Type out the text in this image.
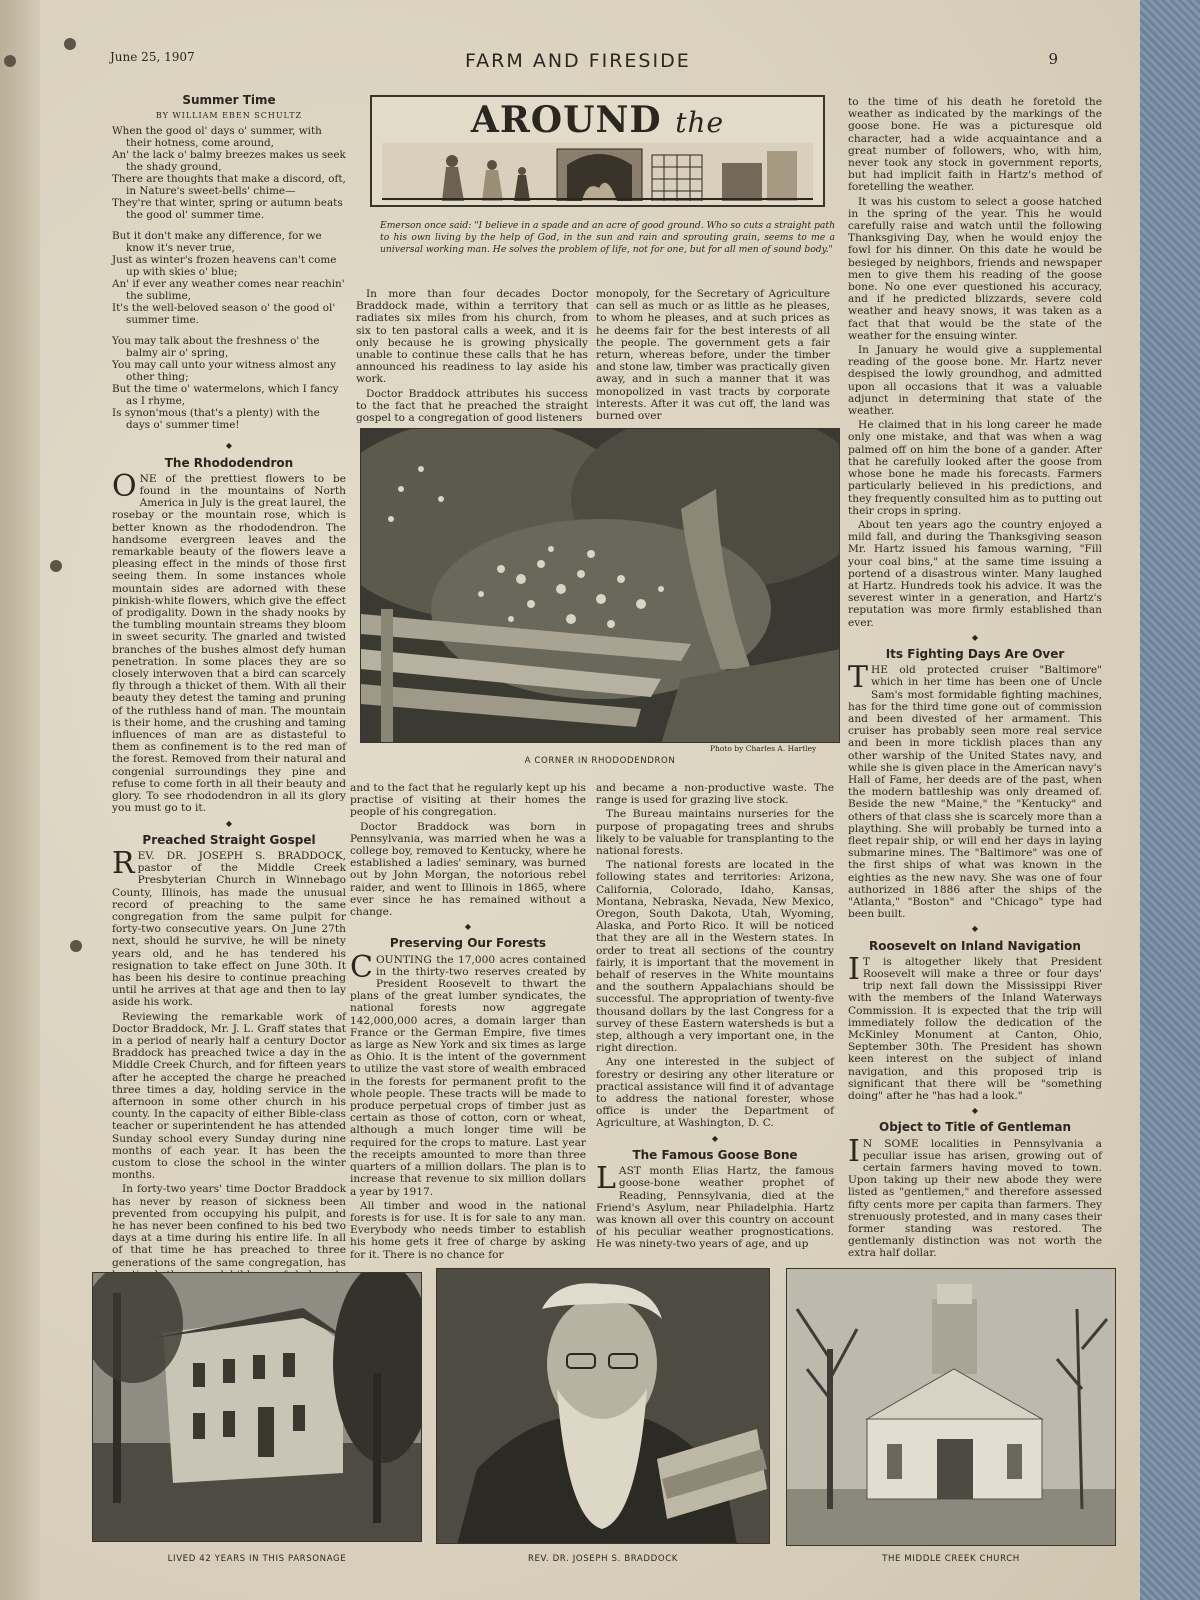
June 25, 1907	FARM AND FIRESIDE	9
AROUND the
Emerson once said: "I believe in a spade and an acre of good ground. Who so cuts a straight path to his own living by the help of God, in the sun and rain and sprouting grain, seems to me a universal working man. He solves the problem of life, not for one, but for all men of sound body."
Summer Time
BY WILLIAM EBEN SCHULTZ
When the good ol' days o' summer, with their hotness, come around,
An' the lack o' balmy breezes makes us seek the shady ground,
There are thoughts that make a discord, oft, in Nature's sweet-bells' chime—
They're that winter, spring or autumn beats the good ol' summer time.
But it don't make any difference, for we know it's never true,
Just as winter's frozen heavens can't come up with skies o' blue;
An' if ever any weather comes near reachin' the sublime,
It's the well-beloved season o' the good ol' summer time.
You may talk about the freshness o' the balmy air o' spring,
You may call unto your witness almost any other thing;
But the time o' watermelons, which I fancy as I rhyme,
Is synon'mous (that's a plenty) with the days o' summer time!
◆
The Rhododendron

ONE of the prettiest flowers to be found in the mountains of North America in July is the great laurel, the rosebay or the mountain rose, which is better known as the rhododendron. The handsome evergreen leaves and the remarkable beauty of the flowers leave a pleasing effect in the minds of those first seeing them. In some instances whole mountain sides are adorned with these pinkish-white flowers, which give the effect of prodigality. Down in the shady nooks by the tumbling mountain streams they bloom in sweet security. The gnarled and twisted branches of the bushes almost defy human penetration. In some places they are so closely interwoven that a bird can scarcely fly through a thicket of them. With all their beauty they detest the taming and pruning of the ruthless hand of man. The mountain is their home, and the crushing and taming influences of man are as distasteful to them as confinement is to the red man of the forest. Removed from their natural and congenial surroundings they pine and refuse to come forth in all their beauty and glory. To see rhododendron in all its glory you must go to it.

◆
Preached Straight Gospel

REV. DR. JOSEPH S. BRADDOCK, pastor of the Middle Creek Presbyterian Church in Winnebago County, Illinois, has made the unusual record of preaching to the same congregation from the same pulpit for forty-two consecutive years. On June 27th next, should he survive, he will be ninety years old, and he has tendered his resignation to take effect on June 30th. It has been his desire to continue preaching until he arrives at that age and then to lay aside his work.

Reviewing the remarkable work of Doctor Braddock, Mr. J. L. Graff states that in a period of nearly half a century Doctor Braddock has preached twice a day in the Middle Creek Church, and for fifteen years after he accepted the charge he preached three times a day, holding service in the afternoon in some other church in his county. In the capacity of either Bible-class teacher or superintendent he has attended Sunday school every Sunday during nine months of each year. It has been the custom to close the school in the winter months.

In forty-two years' time Doctor Braddock has never by reason of sickness been prevented from occupying his pulpit, and he has never been confined to his bed two days at a time during his entire life. In all of that time he has preached to three generations of the same congregation, has

In more than four decades Doctor Braddock made, within a territory that radiates six miles from his church, from six to ten pastoral calls a week, and it is only because he is growing physically unable to continue these calls that he has announced his readiness to lay aside his work.

Doctor Braddock attributes his success to the fact that he preached the straight gospel to a congregation of good listeners

monopoly, for the Secretary of Agriculture can sell as much or as little as he pleases, to whom he pleases, and at such prices as he deems fair for the best interests of all the people. The government gets a fair return, whereas before, under the timber and stone law, timber was practically given away, and in such a manner that it was monopolized in vast tracts by corporate interests. After it was cut off, the land was burned over

Photo by Charles A. Hartley
A CORNER IN RHODODENDRON

and to the fact that he regularly kept up his practise of visiting at their homes the people of his congregation.

Doctor Braddock was born in Pennsylvania, was married when he was a college boy, removed to Kentucky, where he established a ladies' seminary, was burned out by John Morgan, the notorious rebel raider, and went to Illinois in 1865, where ever since he has remained without a change.

◆
Preserving Our Forests

COUNTING the 17,000 acres contained in the thirty-two reserves created by President Roosevelt to thwart the plans of the great lumber syndicates, the national forests now aggregate 142,000,000 acres, a domain larger than France or the German Empire, five times as large as New York and six times as large as Ohio. It is the intent of the government to utilize the vast store of wealth embraced in the forests for permanent profit to the whole people. These tracts will be made to produce perpetual crops of timber just as certain as those of cotton, corn or wheat, although a much longer time will be required for the crops to mature. Last year the receipts amounted to more than three quarters of a million dollars. The plan is to increase that revenue to six million dollars a year by 1917.

All timber and wood in the national forests is for use. It is for sale to any man. Everybody who needs timber to establish his home gets it free of charge by asking for it. There is no chance for

and became a non-productive waste. The range is used for grazing live stock.

The Bureau maintains nurseries for the purpose of propagating trees and shrubs likely to be valuable for transplanting to the national forests.

The national forests are located in the following states and territories: Arizona, California, Colorado, Idaho, Kansas, Montana, Nebraska, Nevada, New Mexico, Oregon, South Dakota, Utah, Wyoming, Alaska, and Porto Rico. It will be noticed that they are all in the Western states. In order to treat all sections of the country fairly, it is important that the movement in behalf of reserves in the White mountains and the southern Appalachians should be successful. The appropriation of twenty-five thousand dollars by the last Congress for a survey of these Eastern watersheds is but a step, although a very important one, in the right direction.

Any one interested in the subject of forestry or desiring any other literature or practical assistance will find it of advantage to address the national forester, whose office is under the Department of Agriculture, at Washington, D. C.

◆
The Famous Goose Bone

LAST month Elias Hartz, the famous goose-bone weather prophet of Reading, Pennsylvania, died at the Friend's Asylum, near Philadelphia. Hartz was known all over this country on account of his peculiar weather prognostications. He was ninety-two years of age, and up

to the time of his death he foretold the weather as indicated by the markings of the goose bone. He was a picturesque old character, had a wide acquaintance and a great number of followers, who, with him, never took any stock in government reports, but had implicit faith in Hartz's method of foretelling the weather.

It was his custom to select a goose hatched in the spring of the year. This he would carefully raise and watch until the following Thanksgiving Day, when he would enjoy the fowl for his dinner. On this date he would be besieged by neighbors, friends and newspaper men to give them his reading of the goose bone. No one ever questioned his accuracy, and if he predicted blizzards, severe cold weather and heavy snows, it was taken as a fact that that would be the state of the weather for the ensuing winter.

In January he would give a supplemental reading of the goose bone. Mr. Hartz never despised the lowly groundhog, and admitted upon all occasions that it was a valuable adjunct in determining that state of the weather.

He claimed that in his long career he made only one mistake, and that was when a wag palmed off on him the bone of a gander. After that he carefully looked after the goose from whose bone he made his forecasts. Farmers particularly believed in his predictions, and they frequently consulted him as to putting out their crops in spring.

About ten years ago the country enjoyed a mild fall, and during the Thanksgiving season Mr. Hartz issued his famous warning, "Fill your coal bins," at the same time issuing a portend of a disastrous winter. Many laughed at Hartz. Hundreds took his advice. It was the severest winter in a generation, and Hartz's reputation was more firmly established than ever.

◆
Its Fighting Days Are Over

THE old protected cruiser "Baltimore" which in her time has been one of Uncle Sam's most formidable fighting machines, has for the third time gone out of commission and been divested of her armament. This cruiser has probably seen more real service and been in more ticklish places than any other warship of the United States navy, and while she is given place in the American navy's Hall of Fame, her deeds are of the past, when the modern battleship was only dreamed of. Beside the new "Maine," the "Kentucky" and others of that class she is scarcely more than a plaything. She will probably be turned into a fleet repair ship, or will end her days in laying submarine mines. The "Baltimore" was one of the first ships of what was known in the eighties as the new navy. She was one of four authorized in 1886 after the ships of the "Atlanta," "Boston" and "Chicago" type had been built.

◆
Roosevelt on Inland Navigation

I T is altogether likely that President Roosevelt will make a three or four days' trip next fall down the Mississippi River with the members of the Inland Waterways Commission. It is expected that the trip will immediately follow the dedication of the McKinley Monument at Canton, Ohio, September 30th. The President has shown keen interest on the subject of inland navigation, and this proposed trip is significant that there will be "something doing" after he "has had a look."

◆
Object to Title of Gentleman

I N SOME localities in Pennsylvania a peculiar issue has arisen, growing out of certain farmers having moved to town. Upon taking up their new abode they were listed as "gentlemen," and therefore assessed fifty cents more per capita than farmers. They strenuously protested, and in many cases their former standing was restored. The gentlemanly distinction was not worth the extra half dollar.

LIVED 42 YEARS IN THIS PARSONAGE	REV. DR. JOSEPH S. BRADDOCK	THE MIDDLE CREEK CHURCH
